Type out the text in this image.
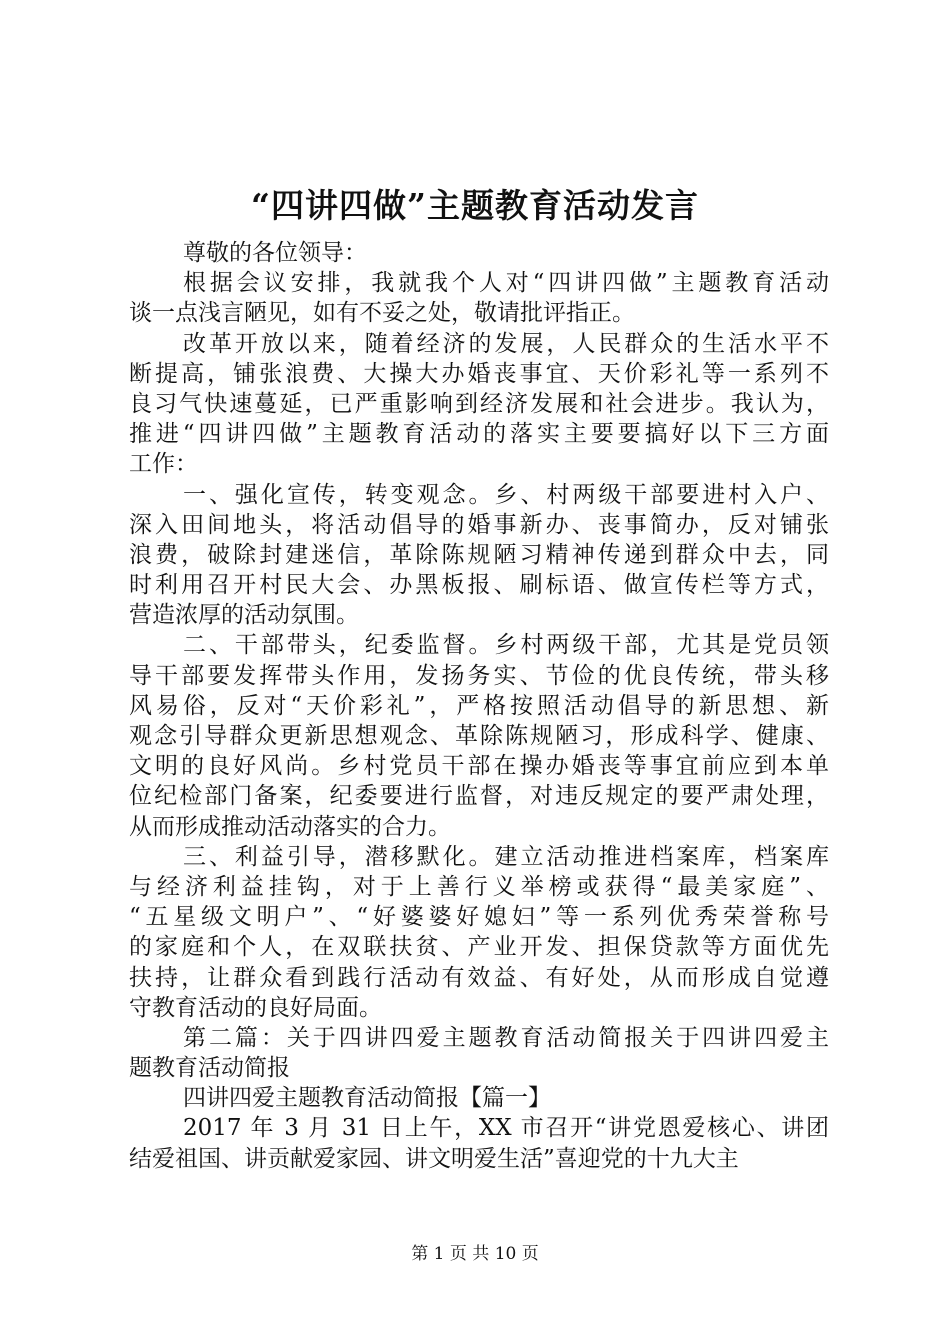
“四讲四做”主题教育活动发言
尊敬的各位领导：
根据会议安排，我就我个人对“四讲四做”主题教育活动
谈一点浅言陋见，如有不妥之处，敬请批评指正。
改革开放以来，随着经济的发展，人民群众的生活水平不
断提高，铺张浪费、大操大办婚丧事宜、天价彩礼等一系列不
良习气快速蔓延，已严重影响到经济发展和社会进步。我认为，
推进“四讲四做”主题教育活动的落实主要要搞好以下三方面
工作：
一、强化宣传，转变观念。乡、村两级干部要进村入户、
深入田间地头，将活动倡导的婚事新办、丧事简办，反对铺张
浪费，破除封建迷信，革除陈规陋习精神传递到群众中去，同
时利用召开村民大会、办黑板报、刷标语、做宣传栏等方式，
营造浓厚的活动氛围。
二、干部带头，纪委监督。乡村两级干部，尤其是党员领
导干部要发挥带头作用，发扬务实、节俭的优良传统，带头移
风易俗，反对“天价彩礼”，严格按照活动倡导的新思想、新
观念引导群众更新思想观念、革除陈规陋习，形成科学、健康、
文明的良好风尚。乡村党员干部在操办婚丧等事宜前应到本单
位纪检部门备案，纪委要进行监督，对违反规定的要严肃处理，
从而形成推动活动落实的合力。
三、利益引导，潜移默化。建立活动推进档案库，档案库
与经济利益挂钩，对于上善行义举榜或获得“最美家庭”、
“五星级文明户”、“好婆婆好媳妇”等一系列优秀荣誉称号
的家庭和个人，在双联扶贫、产业开发、担保贷款等方面优先
扶持，让群众看到践行活动有效益、有好处，从而形成自觉遵
守教育活动的良好局面。
第二篇：关于四讲四爱主题教育活动简报关于四讲四爱主
题教育活动简报
四讲四爱主题教育活动简报【篇一】
2017 年 3 月 31 日上午，XX 市召开“讲党恩爱核心、讲团
结爱祖国、讲贡献爱家园、讲文明爱生活”喜迎党的十九大主
第 1 页 共 10 页
